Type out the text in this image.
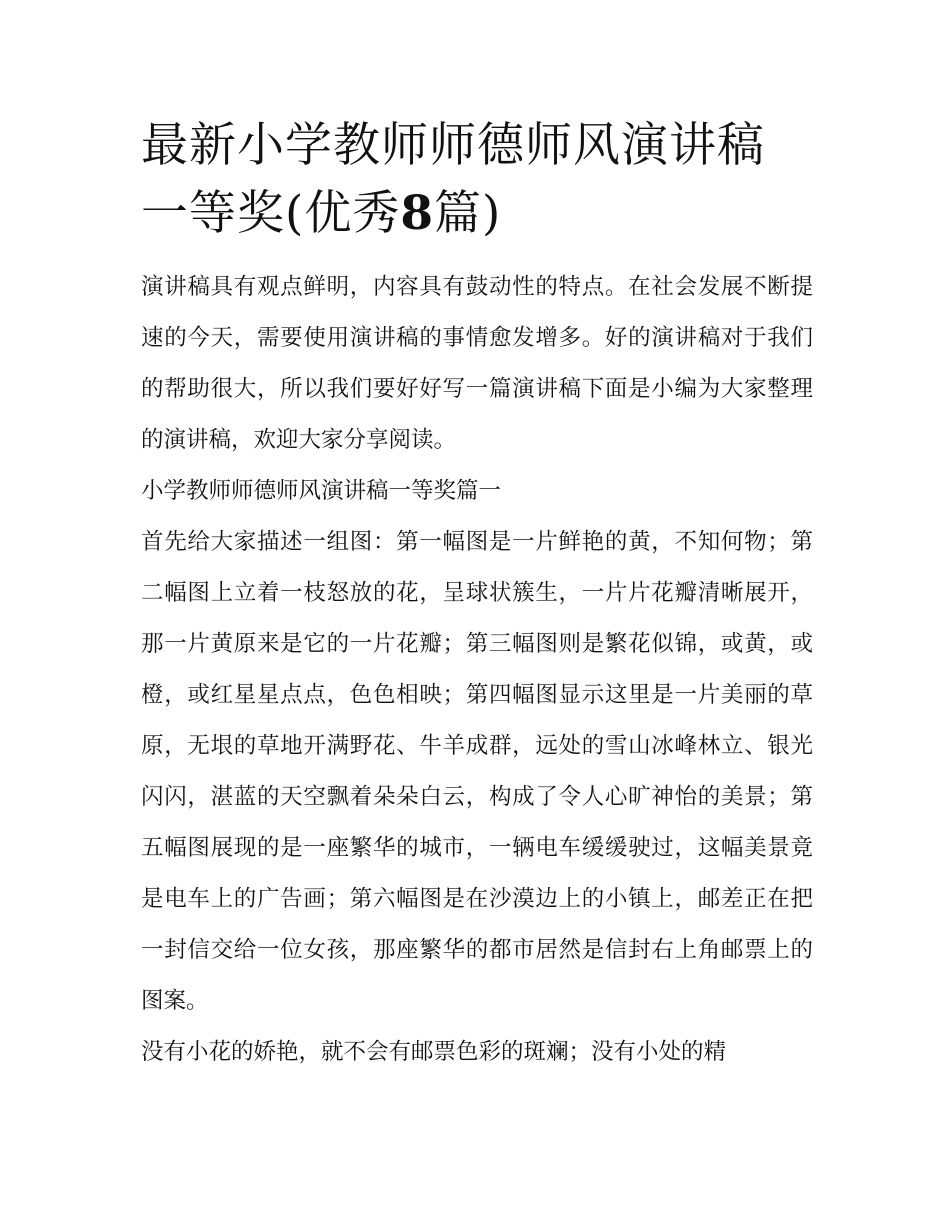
最新小学教师师德师风演讲稿
一等奖(优秀8篇)

演讲稿具有观点鲜明，内容具有鼓动性的特点。在社会发展不断提速的今天，需要使用演讲稿的事情愈发增多。好的演讲稿对于我们的帮助很大，所以我们要好好写一篇演讲稿下面是小编为大家整理的演讲稿，欢迎大家分享阅读。

小学教师师德师风演讲稿一等奖篇一

首先给大家描述一组图：第一幅图是一片鲜艳的黄，不知何物；第二幅图上立着一枝怒放的花，呈球状簇生，一片片花瓣清晰展开，那一片黄原来是它的一片花瓣；第三幅图则是繁花似锦，或黄，或橙，或红星星点点，色色相映；第四幅图显示这里是一片美丽的草原，无垠的草地开满野花、牛羊成群，远处的雪山冰峰林立、银光闪闪，湛蓝的天空飘着朵朵白云，构成了令人心旷神怡的美景；第五幅图展现的是一座繁华的城市，一辆电车缓缓驶过，这幅美景竟是电车上的广告画；第六幅图是在沙漠边上的小镇上，邮差正在把一封信交给一位女孩，那座繁华的都市居然是信封右上角邮票上的图案。

没有小花的娇艳，就不会有邮票色彩的斑斓；没有小处的精
